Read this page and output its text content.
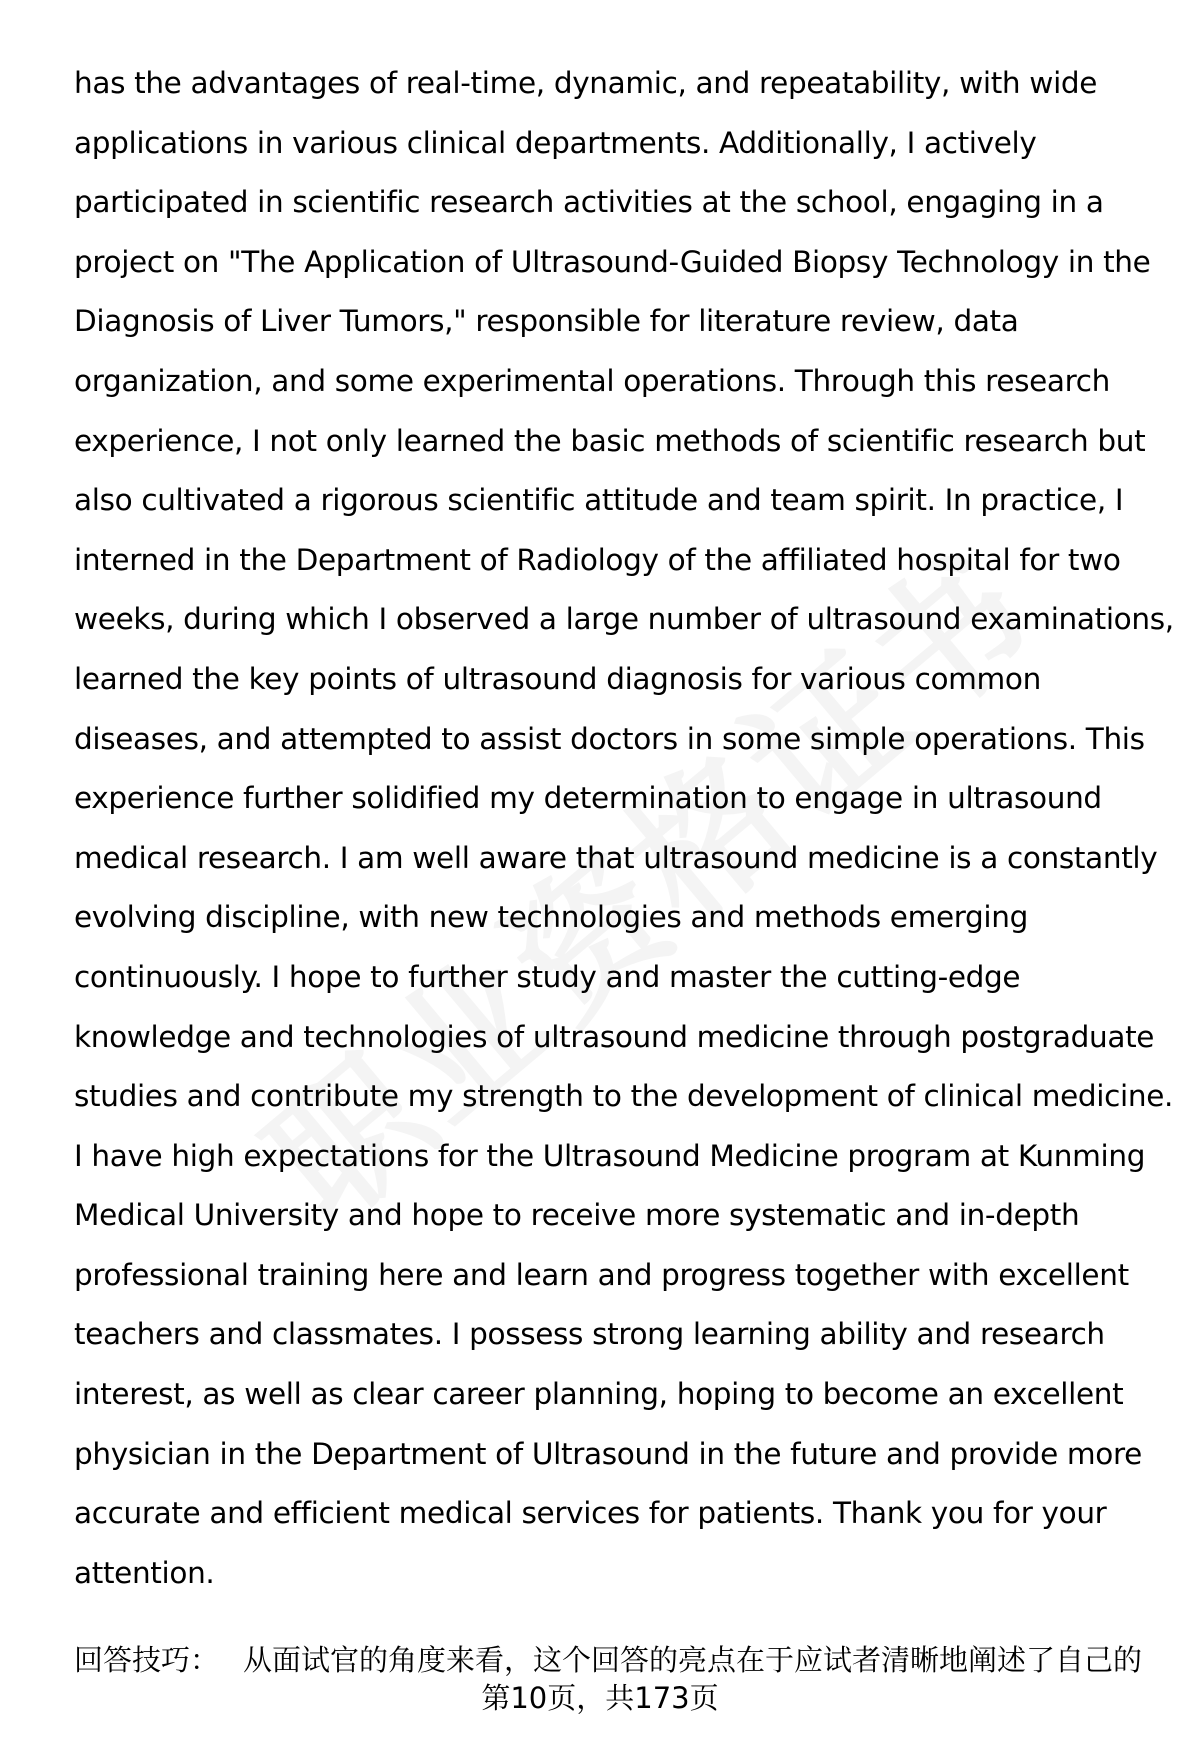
has the advantages of real-time, dynamic, and repeatability, with wide
applications in various clinical departments. Additionally, I actively
participated in scientific research activities at the school, engaging in a
project on "The Application of Ultrasound-Guided Biopsy Technology in the
Diagnosis of Liver Tumors," responsible for literature review, data
organization, and some experimental operations. Through this research
experience, I not only learned the basic methods of scientific research but
also cultivated a rigorous scientific attitude and team spirit. In practice, I
interned in the Department of Radiology of the affiliated hospital for two
weeks, during which I observed a large number of ultrasound examinations,
learned the key points of ultrasound diagnosis for various common
diseases, and attempted to assist doctors in some simple operations. This
experience further solidified my determination to engage in ultrasound
medical research. I am well aware that ultrasound medicine is a constantly
evolving discipline, with new technologies and methods emerging
continuously. I hope to further study and master the cutting-edge
knowledge and technologies of ultrasound medicine through postgraduate
studies and contribute my strength to the development of clinical medicine.
I have high expectations for the Ultrasound Medicine program at Kunming
Medical University and hope to receive more systematic and in-depth
professional training here and learn and progress together with excellent
teachers and classmates. I possess strong learning ability and research
interest, as well as clear career planning, hoping to become an excellent
physician in the Department of Ultrasound in the future and provide more
accurate and efficient medical services for patients. Thank you for your
attention.
回答技巧： 从面试官的角度来看，这个回答的亮点在于应试者清晰地阐述了自己的
第10页，共173页
